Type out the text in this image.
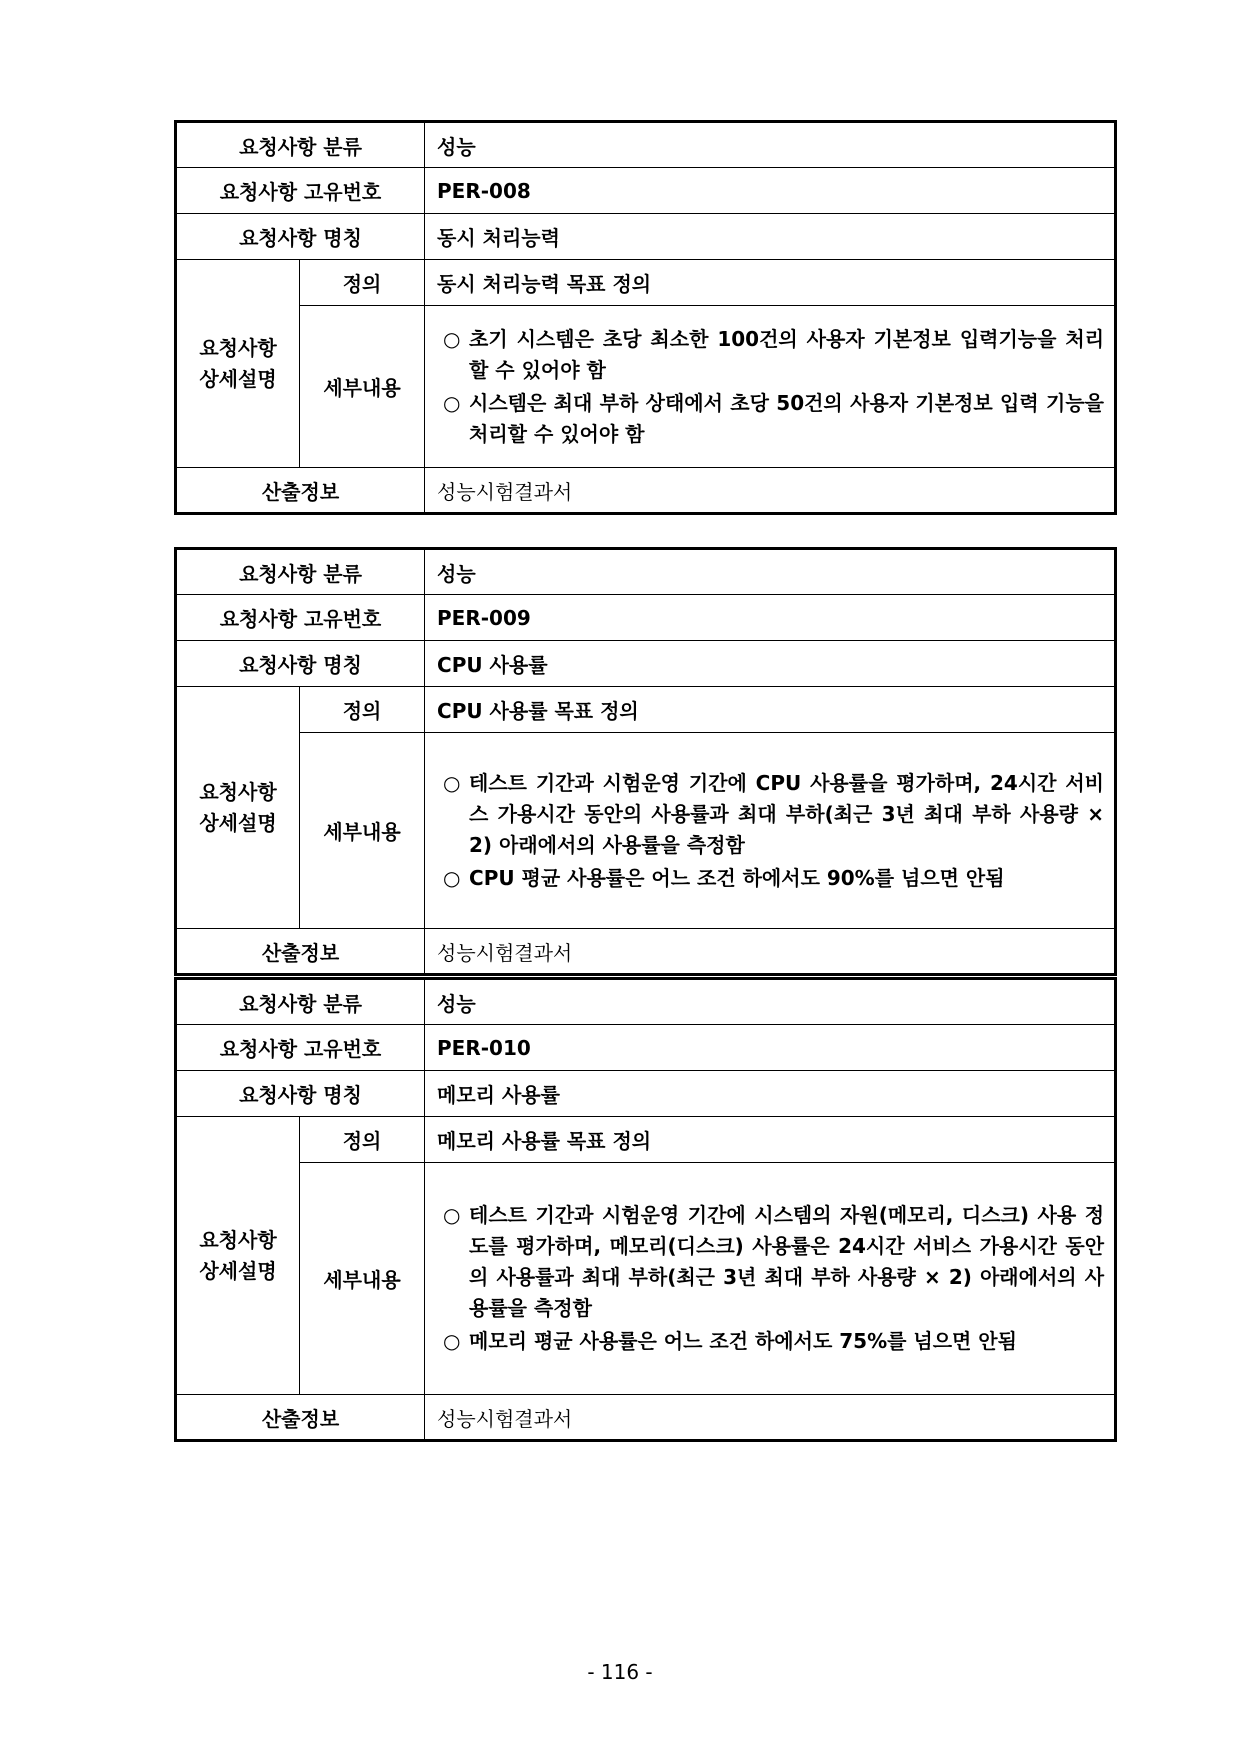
요청사항 분류		성능
요청사항 고유번호		PER-008
요청사항 명칭		동시 처리능력

요청사항
상세설명	정의	동시 처리능력 목표 정의
	세부내용	○ 초기 시스템은 초당 최소한 100건의 사용자 기본정보 입력기능을 처리할 수 있어야 함
○ 시스템은 최대 부하 상태에서 초당 50건의 사용자 기본정보 입력 기능을 처리할 수 있어야 함

산출정보		성능시험결과서
요청사항 분류		성능
요청사항 고유번호		PER-009
요청사항 명칭		CPU 사용률

요청사항
상세설명	정의	CPU 사용률 목표 정의
	세부내용	○ 테스트 기간과 시험운영 기간에 CPU 사용률을 평가하며, 24시간 서비스 가용시간 동안의 사용률과 최대 부하(최근 3년 최대 부하 사용량 × 2) 아래에서의 사용률을 측정함
○ CPU 평균 사용률은 어느 조건 하에서도 90%를 넘으면 안됨

산출정보		성능시험결과서
요청사항 분류		성능
요청사항 고유번호		PER-010
요청사항 명칭		메모리 사용률

요청사항
상세설명	정의	메모리 사용률 목표 정의
	세부내용	○ 테스트 기간과 시험운영 기간에 시스템의 자원(메모리, 디스크) 사용 정도를 평가하며, 메모리(디스크) 사용률은 24시간 서비스 가용시간 동안의 사용률과 최대 부하(최근 3년 최대 부하 사용량 × 2) 아래에서의 사용률을 측정함
○ 메모리 평균 사용률은 어느 조건 하에서도 75%를 넘으면 안됨

산출정보		성능시험결과서
- 116 -
